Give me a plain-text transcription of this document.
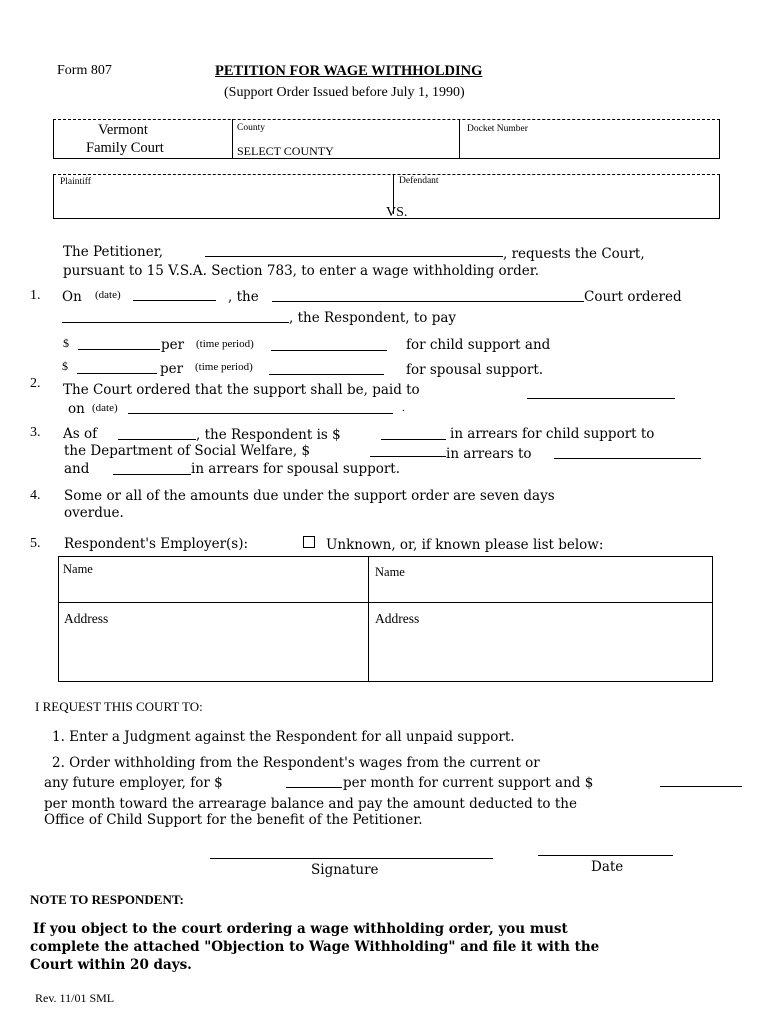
Form 807	PETITION FOR WAGE WITHHOLDING
(Support Order Issued before July 1, 1990)
Vermont
Family Court
County
SELECT COUNTY
Docket Number
Plaintiff	Defendant
VS.
The Petitioner,	, requests the Court,
pursuant to 15 V.S.A. Section 783, to enter a wage withholding order.
1. On (date)	, the	Court ordered
, the Respondent, to pay
$	per (time period)	for child support and
$	per (time period)	for spousal support.
2. The Court ordered that the support shall be, paid to
on (date)	.
3. As of	, the Respondent is $	in arrears for child support to
the Department of Social Welfare, $	in arrears to
and	in arrears for spousal support.
4. Some or all of the amounts due under the support order are seven days
overdue.
5. Respondent's Employer(s):	Unknown, or, if known please list below:
Name	Name
Address	Address
I REQUEST THIS COURT TO:
1. Enter a Judgment against the Respondent for all unpaid support.
2. Order withholding from the Respondent's wages from the current or
any future employer, for $	per month for current support and $
per month toward the arrearage balance and pay the amount deducted to the
Office of Child Support for the benefit of the Petitioner.
Signature	Date
NOTE TO RESPONDENT:
If you object to the court ordering a wage withholding order, you must
complete the attached "Objection to Wage Withholding" and file it with the
Court within 20 days.
Rev. 11/01 SML
